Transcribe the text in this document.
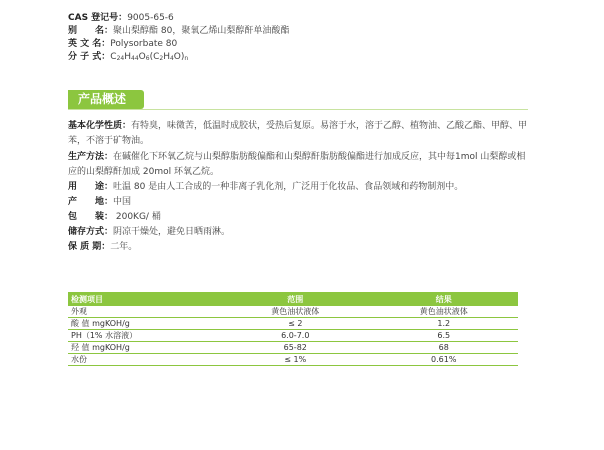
CAS 登记号：9005-65-6
别　　名：聚山梨醇酯 80，聚氧乙烯山梨醇酐单油酸酯
英 文 名：Polysorbate 80
分 子 式：C24H44O6(C2H4O)n
产品概述
基本化学性质：有特臭，味微苦，低温时成胶状，受热后复原。易溶于水，溶于乙醇、植物油、乙酸乙酯、甲醇、甲苯，不溶于矿物油。
生产方法：在碱催化下环氧乙烷与山梨醇脂肪酸偏酯和山梨醇酐脂肪酸偏酯进行加成反应，其中每1mol 山梨醇或相应的山梨醇酐加成 20mol 环氧乙烷。
用　　途：吐温 80 是由人工合成的一种非离子乳化剂，广泛用于化妆品、食品领域和药物制剂中。
产　　地：中国
包　　装： 200KG/ 桶
储存方式：阴凉干燥处，避免日晒雨淋。
保 质 期：二年。
检测项目	范围	结果
外观	黄色油状液体	黄色油状液体
酸 值 mgKOH/g	≤ 2	1.2
PH（1% 水溶液）	6.0-7.0	6.5
羟 值 mgKOH/g	65-82	68
水份	≤ 1%	0.61%
